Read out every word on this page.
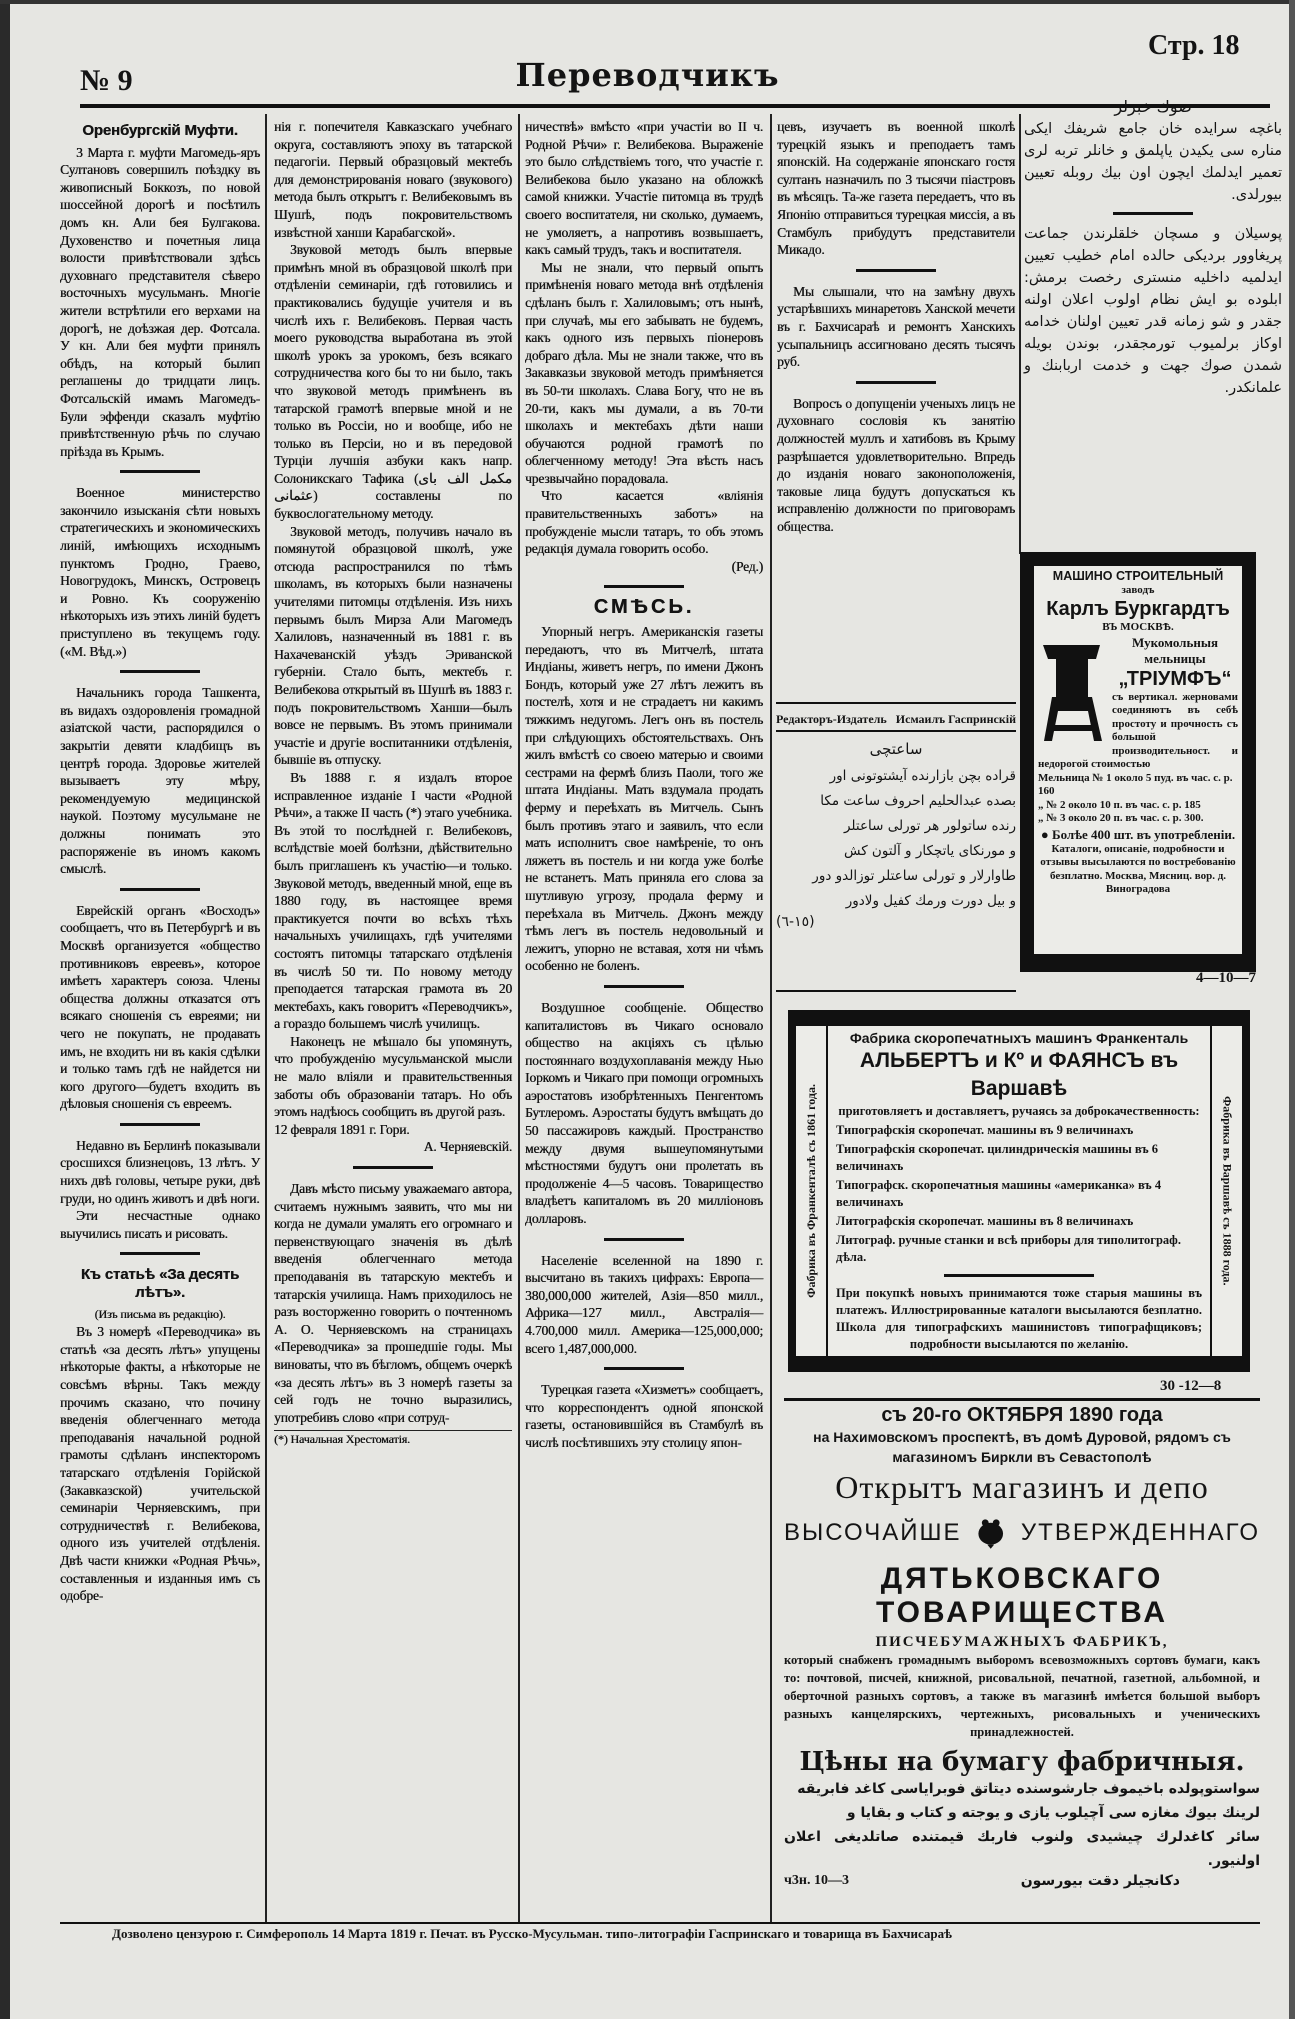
№ 9	Переводчикъ
Стр. 18
Оренбургскій Муфти.

3 Марта г. муфти Магомедь-яръ Султановъ совершилъ поѣздку въ живописный Боккозъ, по новой шоссейной дорогѣ и посѣтилъ домъ кн. Али бея Булгакова. Духовенство и почетныя лица волости привѣтствовали здѣсь духовнаго представителя сѣверо восточныхъ мусульманъ. Многіе жители встрѣтили его верхами на дорогѣ, не доѣзжая дер. Фотсала. У кн. Али бея муфти принялъ обѣдъ, на который былип реглашены до тридцати лицъ. Фотсальскій имамъ Магомедъ-Були эффенди сказалъ муфтію привѣтственную рѣчь по случаю прiѣзда въ Крымъ.

Военное министерство закончило изысканія сѣти новыхъ стратегическихъ и экономическихъ линій, имѣющихъ исходнымъ пунктомъ Гродно, Граево, Новогрудокъ, Минскъ, Островецъ и Ровно. Къ сооруженію нѣкоторыхъ изъ этихъ линій будетъ приступлено въ текущемъ году. («М. Вѣд.»)

Начальникъ города Ташкента, въ видахъ оздоровленія громадной азіатской части, распорядился о закрытіи девяти кладбищъ въ центрѣ города. Здоровье жителей вызываетъ эту мѣру, рекомендуемую медицинской наукой. Поэтому мусульмане не должны понимать это распоряженіе въ иномъ какомъ смыслѣ.

Еврейскій органъ «Восходъ» сообщаетъ, что въ Петербургѣ и въ Москвѣ организуется «общество противниковъ евреевъ», которое имѣетъ характеръ союза. Члены общества должны отказатся отъ всякаго сношенія съ евреями; ни чего не покупать, не продавать имъ, не входить ни въ какія сдѣлки и только тамъ гдѣ не найдется ни кого другого—будетъ входить въ дѣловыя сношенія съ евреемъ.

Недавно въ Берлинѣ показывали сросшихся близнецовъ, 13 лѣтъ. У нихъ двѣ головы, четыре руки, двѣ груди, но одинъ животъ и двѣ ноги.

Эти несчастные однако выучились писать и рисовать.

Къ статьѣ «За десять лѣтъ».
(Изъ письма въ редакцію).

Въ 3 номерѣ «Переводчика» въ статьѣ «за десять лѣтъ» упущены нѣкоторые факты, а нѣкоторые не совсѣмъ вѣрны. Такъ между прочимъ сказано, что почину введенія облегченнаго метода преподаванія начальной родной грамоты сдѣланъ инспекторомъ татарскаго отдѣленія Горійской (Закавказской) учительской семинаріи Черняевскимъ, при сотрудничествѣ г. Велибекова, одного изъ учителей отдѣленія. Двѣ части книжки «Родная Рѣчь», составленныя и изданныя имъ съ одобре-

нія г. попечителя Кавказскаго учебнаго округа, составляютъ эпоху въ татарской педагогіи. Первый образцовый мектебъ для демонстрированія новаго (звукового) метода былъ открытъ г. Велибековымъ въ Шушѣ, подъ покровительствомъ извѣстной ханши Карабагской».

Звуковой методъ былъ впервые примѣнъ мной въ образцовой школѣ при отдѣленіи семинаріи, гдѣ готовились и практиковались будущіе учителя и въ числѣ ихъ г. Велибековъ. Первая часть моего руководства выработана въ этой школѣ урокъ за урокомъ, безъ всякаго сотрудничества кого бы то ни было, такъ что звуковой методъ примѣненъ въ татарской грамотѣ впервые мной и не только въ Россіи, но и вообще, ибо не только въ Персіи, но и въ передовой Турціи лучшія азбуки какъ напр. Солоникскаго Тафика (مكمل الف باى عثمانى) составлены по буквослогательному методу.

Звуковой методъ, получивъ начало въ помянутой образцовой школѣ, уже отсюда распространился по тѣмъ школамъ, въ которыхъ были назначены учителями питомцы отдѣленія. Изъ нихъ первымъ былъ Мирза Али Магомедъ Халиловъ, назначенный въ 1881 г. въ Нахачеванскій уѣздъ Эриванской губерніи. Стало быть, мектебъ г. Велибекова открытый въ Шушѣ въ 1883 г. подъ покровительствомъ Ханши—былъ вовсе не первымъ. Въ этомъ принимали участіе и другіе воспитанники отдѣленія, бывшіе въ отпуску.

Въ 1888 г. я издалъ второе исправленное изданіе I части «Родной Рѣчи», а также II часть (*) этаго учебника. Въ этой то послѣдней г. Велибековъ, вслѣдствіе моей болѣзни, дѣйствительно былъ приглашенъ къ участію—и только. Звуковой методъ, введенный мной, еще въ 1880 году, въ настоящее время практикуется почти во всѣхъ тѣхъ начальныхъ училищахъ, гдѣ учителями состоятъ питомцы татарскаго отдѣленія въ числѣ 50 ти. По новому методу преподается татарская грамота въ 20 мектебахъ, какъ говоритъ «Переводчикъ», а гораздо большемъ числѣ училищъ.

Наконецъ не мѣшало бы упомянуть, что пробужденію мусульманской мысли не мало вліяли и правительственныя заботы объ образованіи татаръ. Но объ этомъ надѣюсь сообщить въ другой разъ.

12 февраля 1891 г. Гори.

А. Черняевскій.

Давъ мѣсто письму уважаемаго автора, считаемъ нужнымъ заявить, что мы ни когда не думали умалять его огромнаго и первенствующаго значенія въ дѣлѣ введенія облегченнаго метода преподаванія въ татарскую мектебъ и татарскія училища. Намъ приходилось не разъ восторженно говорить о почтенномъ А. О. Черняевскомъ на страницахъ «Переводчика» за прошедшіе годы. Мы виноваты, что въ бѣгломъ, общемъ очеркѣ «за десять лѣтъ» въ 3 номерѣ газеты за сей годъ не точно выразились, употребивъ слово «при сотруд-

(*) Начальная Хрестоматія.

ничествѣ» вмѣсто «при участіи во II ч. Родной Рѣчи» г. Велибекова. Выраженіе это было слѣдствіемъ того, что участіе г. Велибекова было указано на обложкѣ самой книжки. Участіе питомца въ трудѣ своего воспитателя, ни сколько, думаемъ, не умоляетъ, а напротивъ возвышаетъ, какъ самый трудъ, такъ и воспитателя.

Мы не знали, что первый опытъ примѣненія новаго метода внѣ отдѣленія сдѣланъ былъ г. Халиловымъ; отъ нынѣ, при случаѣ, мы его забывать не будемъ, какъ одного изъ первыхъ піонеровъ добраго дѣла. Мы не знали также, что въ Закавказьи звуковой методъ примѣняется въ 50-ти школахъ. Слава Богу, что не въ 20-ти, какъ мы думали, а въ 70-ти школахъ и мектебахъ дѣти наши обучаются родной грамотѣ по облегченному методу! Эта вѣсть насъ чрезвычайно порадовала.

Что касается «вліянія правительственныхъ заботъ» на пробужденіе мысли татаръ, то объ этомъ редакція думала говорить особо.

(Ред.)
СМѢСЬ.

Упорный негръ. Американскія газеты передаютъ, что въ Митчелѣ, штата Индіаны, живетъ негръ, по имени Джонъ Бондъ, который уже 27 лѣтъ лежитъ въ постелѣ, хотя и не страдаетъ ни какимъ тяжкимъ недугомъ. Легъ онъ въ постель при слѣдующихъ обстоятельствахъ. Онъ жилъ вмѣстѣ со своею матерью и своими сестрами на фермѣ близъ Паоли, того же штата Индіаны. Мать вздумала продать ферму и переѣхать въ Митчель. Сынъ былъ противъ этаго и заявилъ, что если мать исполнитъ свое намѣреніе, то онъ ляжетъ въ постель и ни когда уже болѣе не встанетъ. Мать приняла его слова за шутливую угрозу, продала ферму и переѣхала въ Митчель. Джонъ между тѣмъ легъ въ постель недовольный и лежитъ, упорно не вставая, хотя ни чѣмъ особенно не боленъ.

Воздушное сообщеніе. Общество капиталистовъ въ Чикаго основало общество на акціяхъ съ цѣлью постояннаго воздухоплаванія между Нью Іоркомъ и Чикаго при помощи огромныхъ аэростатовъ изобрѣтенныхъ Пенгентомъ Бутлеромъ. Аэростаты будутъ вмѣщать до 50 пассажировъ каждый. Пространство между двумя вышеупомянутыми мѣстностями будутъ они пролетать въ продолженіе 4—5 часовъ. Товарищество владѣетъ капиталомъ въ 20 милліоновъ долларовъ.

Населеніе вселенной на 1890 г. высчитано въ такихъ цифрахъ: Европа—380,000,000 жителей, Азія—850 милл., Африка—127 милл., Австралія—4.700,000 милл. Америка—125,000,000; всего 1,487,000,000.

Турецкая газета «Хизметъ» сообщаетъ, что корреспондентъ одной японской газеты, остановившійся въ Стамбулѣ въ числѣ посѣтившихъ эту столицу япон-

цевъ, изучаетъ въ военной школѣ турецкій языкъ и преподаетъ тамъ японскій. На содержаніе японскаго гостя султанъ назначилъ по 3 тысячи піастровъ въ мѣсяцъ. Та-же газета передаетъ, что въ Японію отправиться турецкая миссія, а въ Стамбулъ прибудутъ представители Микадо.

Мы слышали, что на замѣну двухъ устарѣвшихъ минаретовъ Ханской мечети въ г. Бахчисараѣ и ремонтъ Ханскихъ усыпальницъ ассигновано десять тысячъ руб.

Вопросъ о допущеніи ученыхъ лицъ не духовнаго сословія къ занятію должностей муллъ и хатибовъ въ Крыму разрѣшается удовлетворительно. Впредь до изданія новаго законоположенія, таковые лица будутъ допускаться къ исправленію должности по приговорамъ общества.

صوك خبرلر

باغچه سرایده خان جامع شریفك ایكی مناره سی یكیدن یاپلمق و خانلر تربه لری تعمیر ایدلمك ایچون اون بیك روبله تعیین بیورلدی.

پوسیلان و مسچان خلقلرندن جماعت پریغاوور بردیكی حالده امام خطیب تعیین ایدلمیه داخلیه منستری رخصت برمش: ابلوده بو ایش نظام اولوب اعلان اولنه جقدر و شو زمانه قدر تعیین اولنان خدامه اوكاز برلمیوب تورمجقدر، بوندن بویله شمدن صوك جهت و خدمت اربابنك و علمانكدر.

Редакторъ-Издатель Исмаилъ Гаспринскій
ساعتچی
قراده بچن بازارنده آیشتوتونی اور
بصده عبدالحلیم احروف ساعت مكا
رنده ساتولور هر تورلی ساعتلر
و مورنكای یاتچكار و آلتون كش
طاوارلار و تورلی ساعتلر توزالدو دور
و بیل دورت ورمك كفیل ولادور
(١٥-٦)
МАШИНО СТРОИТЕЛЬНЫЙ
заводъ
Карлъ Буркгардтъ
ВЪ МОСКВѢ.
Мукомольныя мельницы
„ТРІУМФЪ“
съ вертикал. жерновами соединяютъ въ себѣ простоту и прочность съ большой производительност. и недорогой стоимостью
Мельница № 1 около 5 пуд. въ час. с. р. 160
„ № 2 около 10 п. въ час. с. р. 185
„ № 3 около 20 п. въ час. с. р. 300.
● Болѣе 400 шт. въ употребленіи.
Каталоги, описаніе, подробности и отзывы высылаются по востребованію безплатно. Москва, Мясниц. вор. д. Виноградова
4—10—7
Фабрика въ Франкенталѣ съ 1861 года.
Фабрика скоропечатныхъ машинъ Франкенталь
АЛЬБЕРТЪ и Кº и ФАЯНСЪ въ Варшавѣ
приготовляетъ и доставляетъ, ручаясь за доброкачественность:
Типографскія скоропечат. машины въ 9 величинахъ
Типографскія скоропечат. цилиндрическія машины въ 6 величинахъ
Типографск. скоропечатныя машины «американка» въ 4 величинахъ
Литографскія скоропечат. машины въ 8 величинахъ
Литограф. ручные станки и всѣ приборы для типолитограф. дѣла.
При покупкѣ новыхъ принимаются тоже старыя машины въ платежъ. Иллюстрированные каталоги высылаются безплатно. Школа для типографскихъ машинистовъ типографщиковъ; подробности высылаются по желанію.
Фабрика въ Варшавѣ съ 1888 года.
30 -12—8
съ 20-го ОКТЯБРЯ 1890 года
на Нахимовскомъ проспектѣ, въ домѣ Дуровой, рядомъ съ магазиномъ Биркли въ Севастополѣ
Открытъ магазинъ и депо
ВЫСОЧАЙШЕ УТВЕРЖДЕННАГО
ДЯТЬКОВСКАГО ТОВАРИЩЕСТВА
ПИСЧЕБУМАЖНЫХЪ ФАБРИКЪ,
который снабженъ громаднымъ выборомъ всевозможныхъ сортовъ бумаги, какъ то: почтовой, писчей, книжной, рисовальной, печатной, газетной, альбомной, и оберточной разныхъ сортовъ, а также въ магазинѣ имѣется большой выборъ разныхъ канцелярскихъ, чертежныхъ, рисовальныхъ и ученическихъ принадлежностей.
Цѣны на бумагу фабричныя.
سواستوپولده باخیموف جارشوسنده دیتاتق فوبرایاسی كاغد فابریقه
لرینك بیوك مغازه سی آچیلوب یازی و یوجته و كتاب و بقایا و
سائر كاغدلرك چیشیدی ولنوب فاربك قیمتنده صاتلدیغی اعلان اولنیور.
ч3н. 10—3	دكانجیلر دقت بیورسون
Дозволено цензурою г. Симферополь 14 Марта 1819 г. Печат. въ Русско-Мусульман. типо-литографіи Гаспринскаго и товарища въ Бахчисараѣ
